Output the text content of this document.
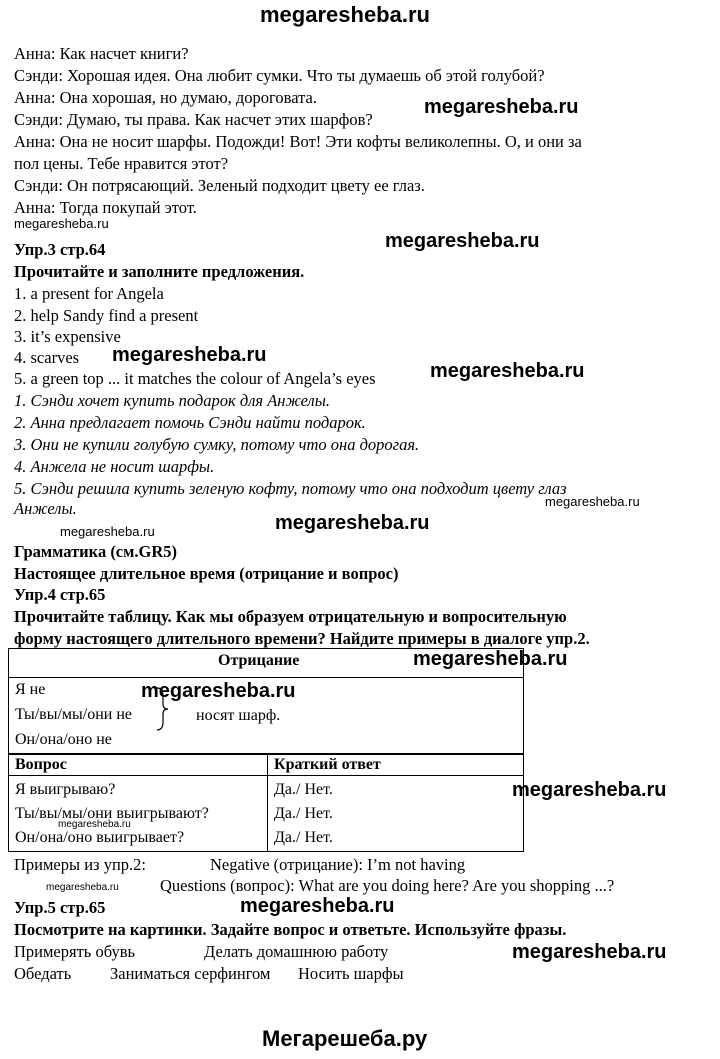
megaresheba.ru
Анна: Как насчет книги?
Сэнди: Хорошая идея. Она любит сумки. Что ты думаешь об этой голубой?
Анна: Она хорошая, но думаю, дороговата.
Сэнди: Думаю, ты права. Как насчет этих шарфов?
Анна: Она не носит шарфы. Подожди! Вот! Эти кофты великолепны. О, и они за
пол цены. Тебе нравится этот?
Сэнди: Он потрясающий. Зеленый подходит цвету ее глаз.
Анна: Тогда покупай этот.
megaresheba.ru
megaresheba.ru
megaresheba.ru
Упр.3 стр.64
Прочитайте и заполните предложения.
1. a present for Angela
2. help Sandy find a present
3. it’s expensive
4. scarves megaresheba.ru
5. a green top ... it matches the colour of Angela’s eyes	megaresheba.ru
1. Сэнди хочет купить подарок для Анжелы.
2. Анна предлагает помочь Сэнди найти подарок.
3. Они не купили голубую сумку, потому что она дорогая.
4. Анжела не носит шарфы.
5. Сэнди решила купить зеленую кофту, потому что она подходит цвету глаз
megaresheba.ru
Анжелы.
megaresheba.ru
megaresheba.ru
Грамматика (см.GR5)
Настоящее длительное время (отрицание и вопрос)
Упр.4 стр.65
Прочитайте таблицу. Как мы образуем отрицательную и вопросительную
форму настоящего длительного времени? Найдите примеры в диалоге упр.2.
Отрицание
Я не
Ты/вы/мы/они не
Он/она/оно не
носят шарф.
Вопрос	Краткий ответ
Я выигрываю?	Да./ Нет.
Ты/вы/мы/они выигрывают?	Да./ Нет.
Он/она/оно выигрывает?	Да./ Нет.
megaresheba.ru
megaresheba.ru
megaresheba.ru
megaresheba.ru
Примеры из упр.2:	Negative (отрицание): I’m not having
megaresheba.ru Questions (вопрос): What are you doing here? Are you shopping ...?
Упр.5 стр.65	megaresheba.ru
Посмотрите на картинки. Задайте вопрос и ответьте. Используйте фразы.
Примерять обувь	Делать домашнюю работу	megaresheba.ru
Обедать Заниматься серфингом Носить шарфы
Мегарешеба.ру
